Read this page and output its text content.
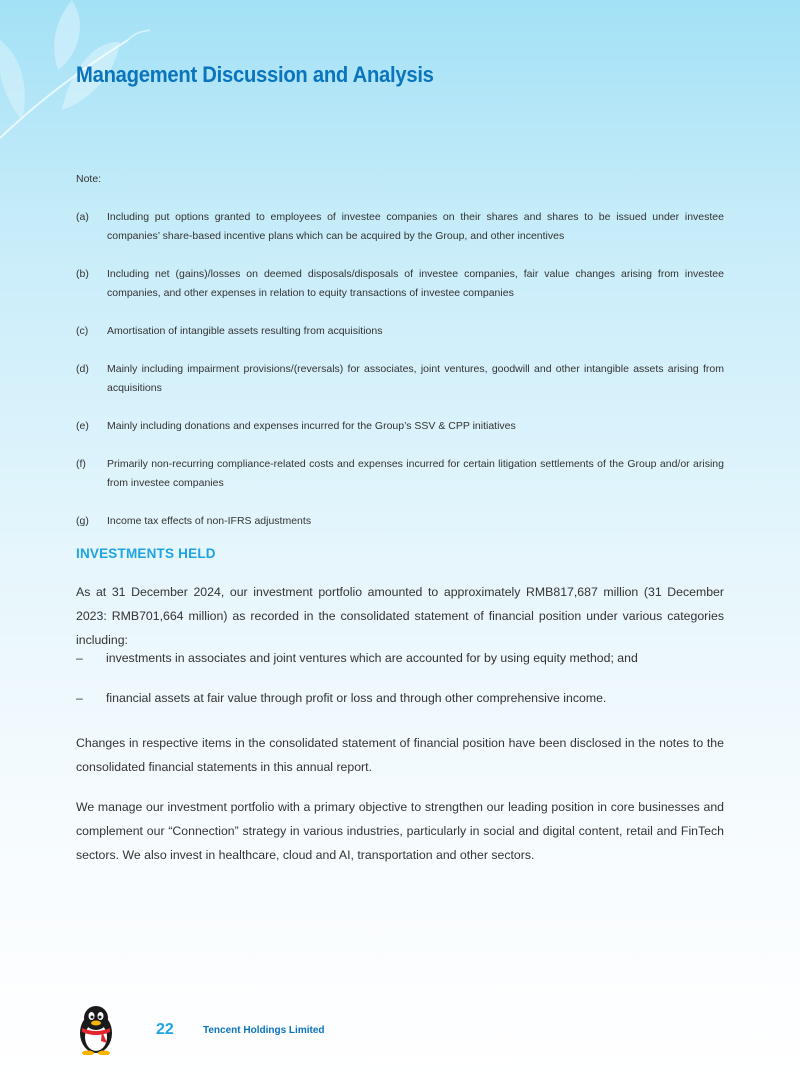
Management Discussion and Analysis
Note:
(a)	Including put options granted to employees of investee companies on their shares and shares to be issued under investee companies’ share-based incentive plans which can be acquired by the Group, and other incentives
(b)	Including net (gains)/losses on deemed disposals/disposals of investee companies, fair value changes arising from investee companies, and other expenses in relation to equity transactions of investee companies
(c)	Amortisation of intangible assets resulting from acquisitions
(d)	Mainly including impairment provisions/(reversals) for associates, joint ventures, goodwill and other intangible assets arising from acquisitions
(e)	Mainly including donations and expenses incurred for the Group’s SSV & CPP initiatives
(f)	Primarily non-recurring compliance-related costs and expenses incurred for certain litigation settlements of the Group and/or arising from investee companies
(g)	Income tax effects of non-IFRS adjustments
INVESTMENTS HELD

As at 31 December 2024, our investment portfolio amounted to approximately RMB817,687 million (31 December 2023: RMB701,664 million) as recorded in the consolidated statement of financial position under various categories including:

–	investments in associates and joint ventures which are accounted for by using equity method; and
–	financial assets at fair value through profit or loss and through other comprehensive income.

Changes in respective items in the consolidated statement of financial position have been disclosed in the notes to the consolidated financial statements in this annual report.

We manage our investment portfolio with a primary objective to strengthen our leading position in core businesses and complement our “Connection” strategy in various industries, particularly in social and digital content, retail and FinTech sectors. We also invest in healthcare, cloud and AI, transportation and other sectors.

22	Tencent Holdings Limited
